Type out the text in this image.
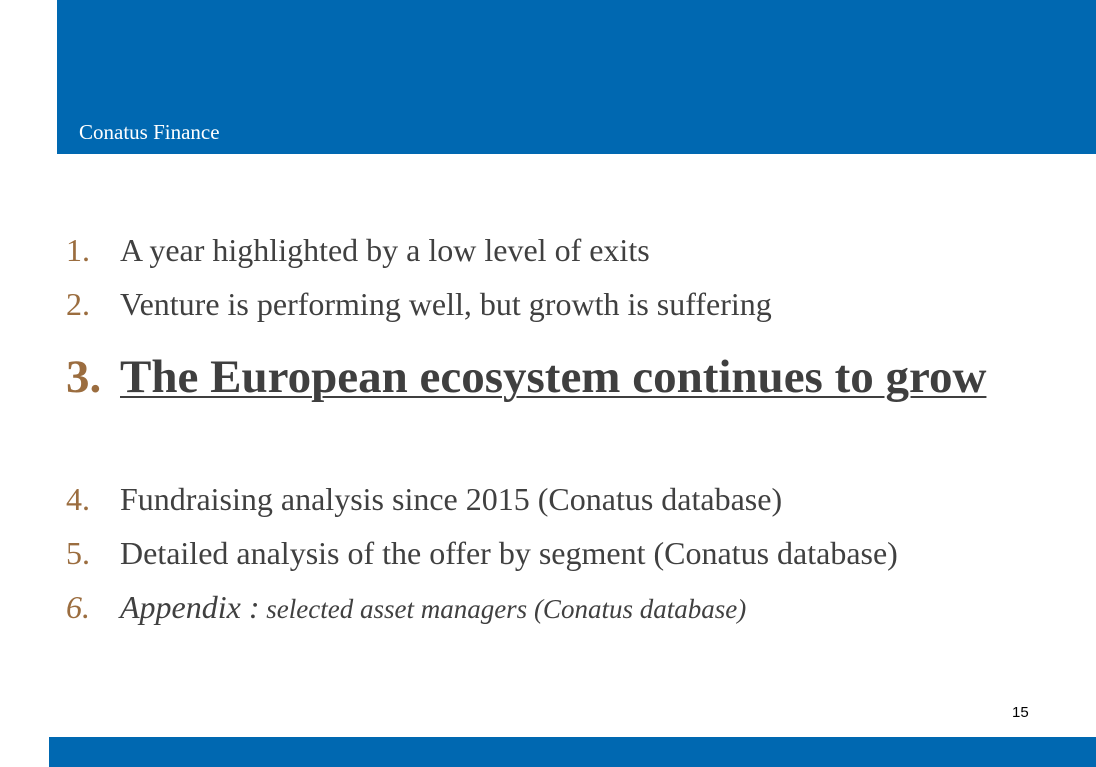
Conatus Finance
1. A year highlighted by a low level of exits
2. Venture is performing well, but growth is suffering
3. The European ecosystem continues to grow
4. Fundraising analysis since 2015 (Conatus database)
5. Detailed analysis of the offer by segment (Conatus database)
6. Appendix : selected asset managers (Conatus database)
15
